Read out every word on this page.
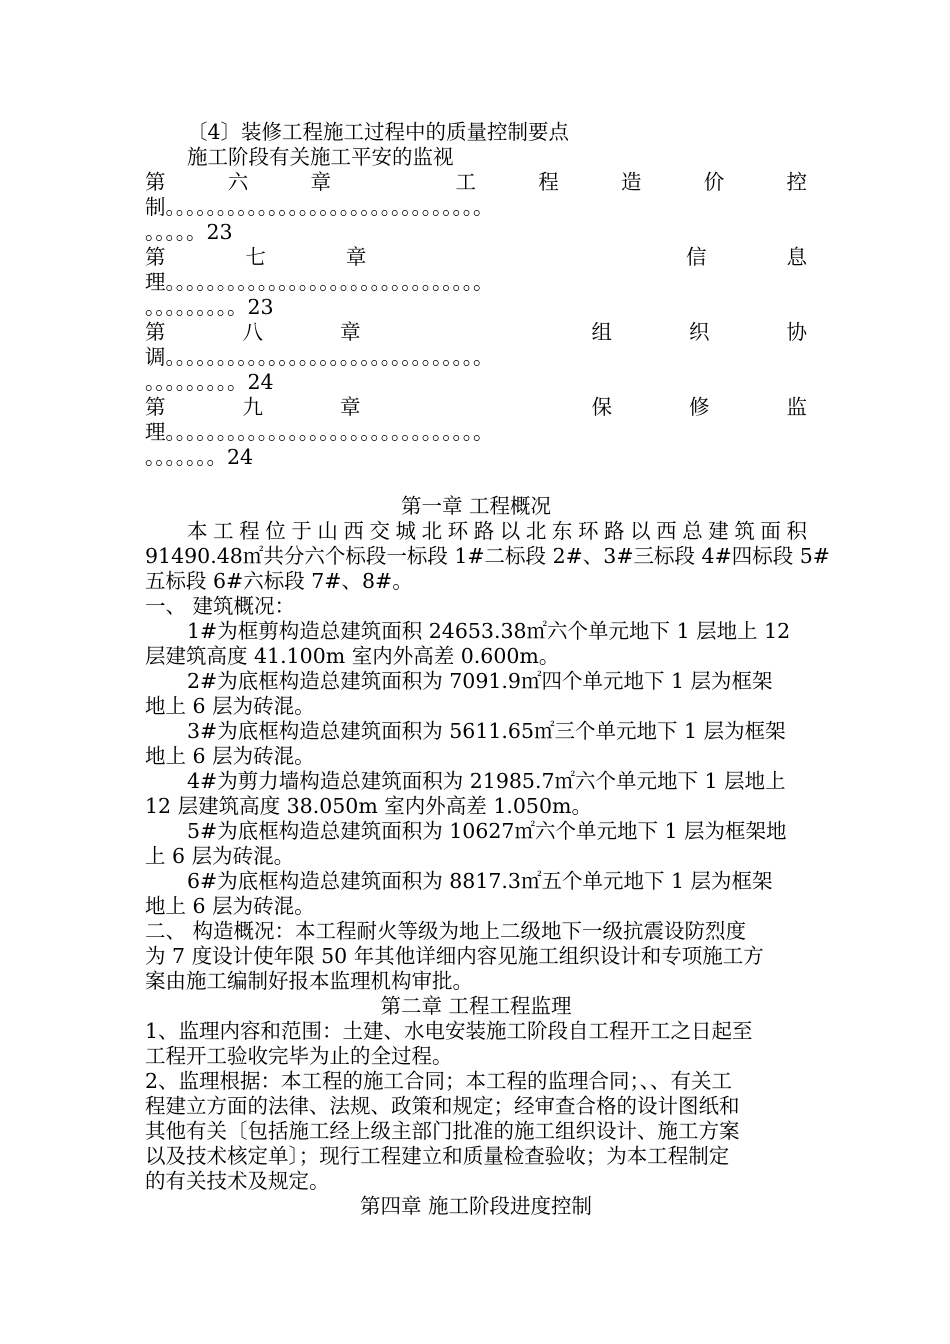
〔4〕装修工程施工过程中的质量控制要点
施工阶段有关施工平安的监视
第	六	章	工	程	造	价	控
制。。。。。。。。。。。。。。。。。。。。。。。。。。。。。。。
。。。。。23
第	七	章	信	息
理。。。。。。。。。。。。。。。。。。。。。。。。。。。。。。。
。。。。。。。。。23
第	八	章	组	织	协
调。。。。。。。。。。。。。。。。。。。。。。。。。。。。。。。
。。。。。。。。。24
第	九	章	保	修	监
理。。。。。。。。。。。。。。。。。。。。。。。。。。。。。。。
。。。。。。。24
第一章 工程概况
本工程位于山西交城北环路以北东环路以西总建筑面积
91490.48㎡共分六个标段一标段 1#二标段 2#、3#三标段 4#四标段 5#
五标段 6#六标段 7#、8#。
一、 建筑概况：
1#为框剪构造总建筑面积 24653.38㎡六个单元地下 1 层地上 12
层建筑高度 41.100m 室内外高差 0.600m。
2#为底框构造总建筑面积为 7091.9㎡四个单元地下 1 层为框架
地上 6 层为砖混。
3#为底框构造总建筑面积为 5611.65㎡三个单元地下 1 层为框架
地上 6 层为砖混。
4#为剪力墙构造总建筑面积为 21985.7㎡六个单元地下 1 层地上
12 层建筑高度 38.050m 室内外高差 1.050m。
5#为底框构造总建筑面积为 10627㎡六个单元地下 1 层为框架地
上 6 层为砖混。
6#为底框构造总建筑面积为 8817.3㎡五个单元地下 1 层为框架
地上 6 层为砖混。
二、 构造概况：本工程耐火等级为地上二级地下一级抗震设防烈度
为 7 度设计使年限 50 年其他详细内容见施工组织设计和专项施工方
案由施工编制好报本监理机构审批。
第二章 工程工程监理
1、监理内容和范围：土建、水电安装施工阶段自工程开工之日起至
工程开工验收完毕为止的全过程。
2、监理根据：本工程的施工合同；本工程的监理合同；、、有关工
程建立方面的法律、法规、政策和规定；经审查合格的设计图纸和
其他有关〔包括施工经上级主部门批准的施工组织设计、施工方案
以及技术核定单〕；现行工程建立和质量检查验收；为本工程制定
的有关技术及规定。
第四章 施工阶段进度控制
